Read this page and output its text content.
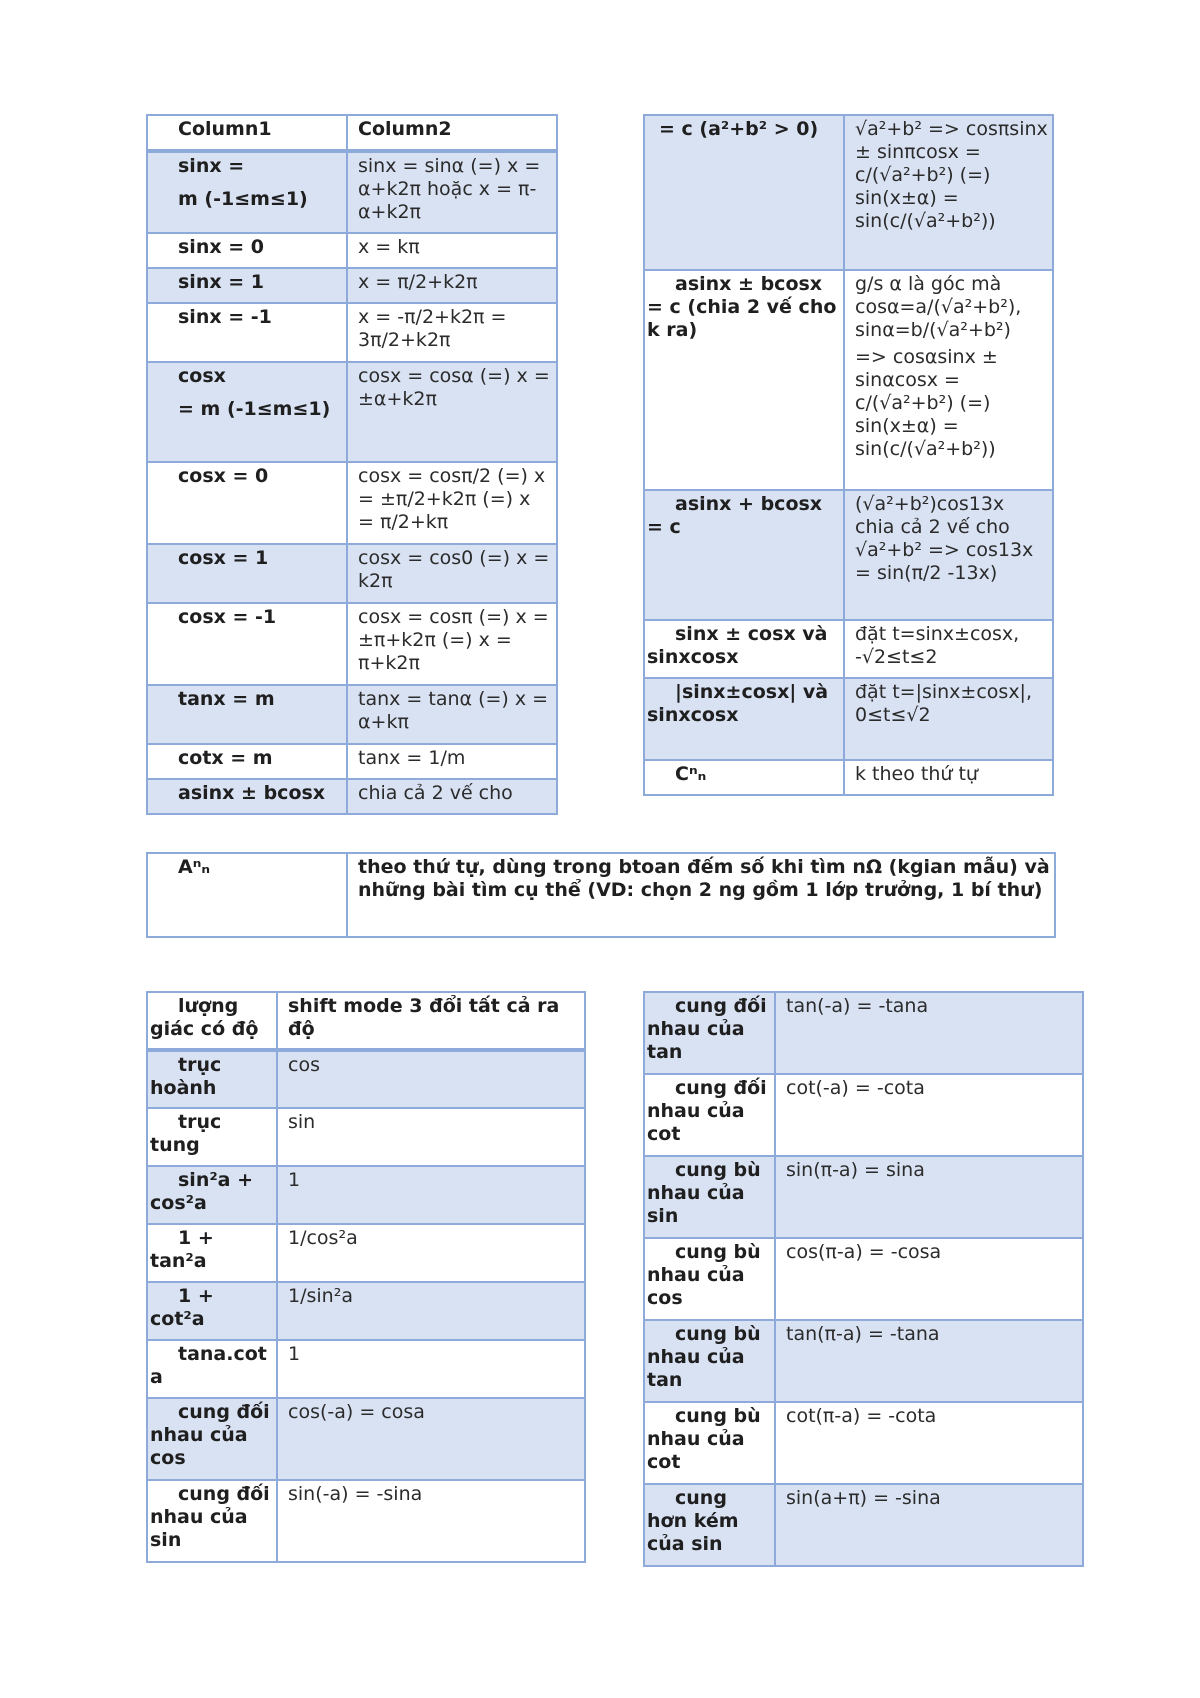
Column1	Column2
sinx =
m (-1≤m≤1)	sinx = sinα (=) x = α+k2π hoặc x = π-α+k2π
sinx = 0	x = kπ
sinx = 1	x = π/2+k2π
sinx = -1	x = -π/2+k2π = 3π/2+k2π
cosx
= m (-1≤m≤1)	cosx = cosα (=) x = ±α+k2π
cosx = 0	cosx = cosπ/2 (=) x = ±π/2+k2π (=) x = π/2+kπ
cosx = 1	cosx = cos0 (=) x = k2π
cosx = -1	cosx = cosπ (=) x = ±π+k2π (=) x = π+k2π
tanx = m	tanx = tanα (=) x = α+kπ
cotx = m	tanx = 1/m
asinx ± bcosx	chia cả 2 vế cho
= c (a²+b² > 0)	√a²+b² => cosπsinx ± sinπcosx = c/(√a²+b²) (=) sin(x±α) = sin(c/(√a²+b²))

asinx ± bcosx = c (chia 2 vế cho k ra)	g/s α là góc mà cosα=a/(√a²+b²), sinα=b/(√a²+b²)
=> cosαsinx ± sinαcosx = c/(√a²+b²) (=) sin(x±α) = sin(c/(√a²+b²))

asinx + bcosx = c	(√a²+b²)cos13x chia cả 2 vế cho √a²+b² => cos13x = sin(π/2 -13x)

sinx ± cosx và sinxcosx	đặt t=sinx±cosx, -√2≤t≤2

|sinx±cosx| và sinxcosx	đặt t=|sinx±cosx|, 0≤t≤√2

Cⁿₙ	k theo thứ tự
Aⁿₙ	theo thứ tự, dùng trong btoan đếm số khi tìm nΩ (kgian mẫu) và những bài tìm cụ thể (VD: chọn 2 ng gồm 1 lớp trưởng, 1 bí thư)
lượng giác có độ	shift mode 3 đổi tất cả ra độ
trục hoành	cos
trục tung	sin
sin²a + cos²a	1
1 + tan²a	1/cos²a
1 + cot²a	1/sin²a
tana.cota	1
cung đối nhau của cos	cos(-a) = cosa
cung đối nhau của sin	sin(-a) = -sina
cung đối nhau của tan	tan(-a) = -tana
cung đối nhau của cot	cot(-a) = -cota
cung bù nhau của sin	sin(π-a) = sina
cung bù nhau của cos	cos(π-a) = -cosa
cung bù nhau của tan	tan(π-a) = -tana
cung bù nhau của cot	cot(π-a) = -cota
cung hơn kém của sin	sin(a+π) = -sina
